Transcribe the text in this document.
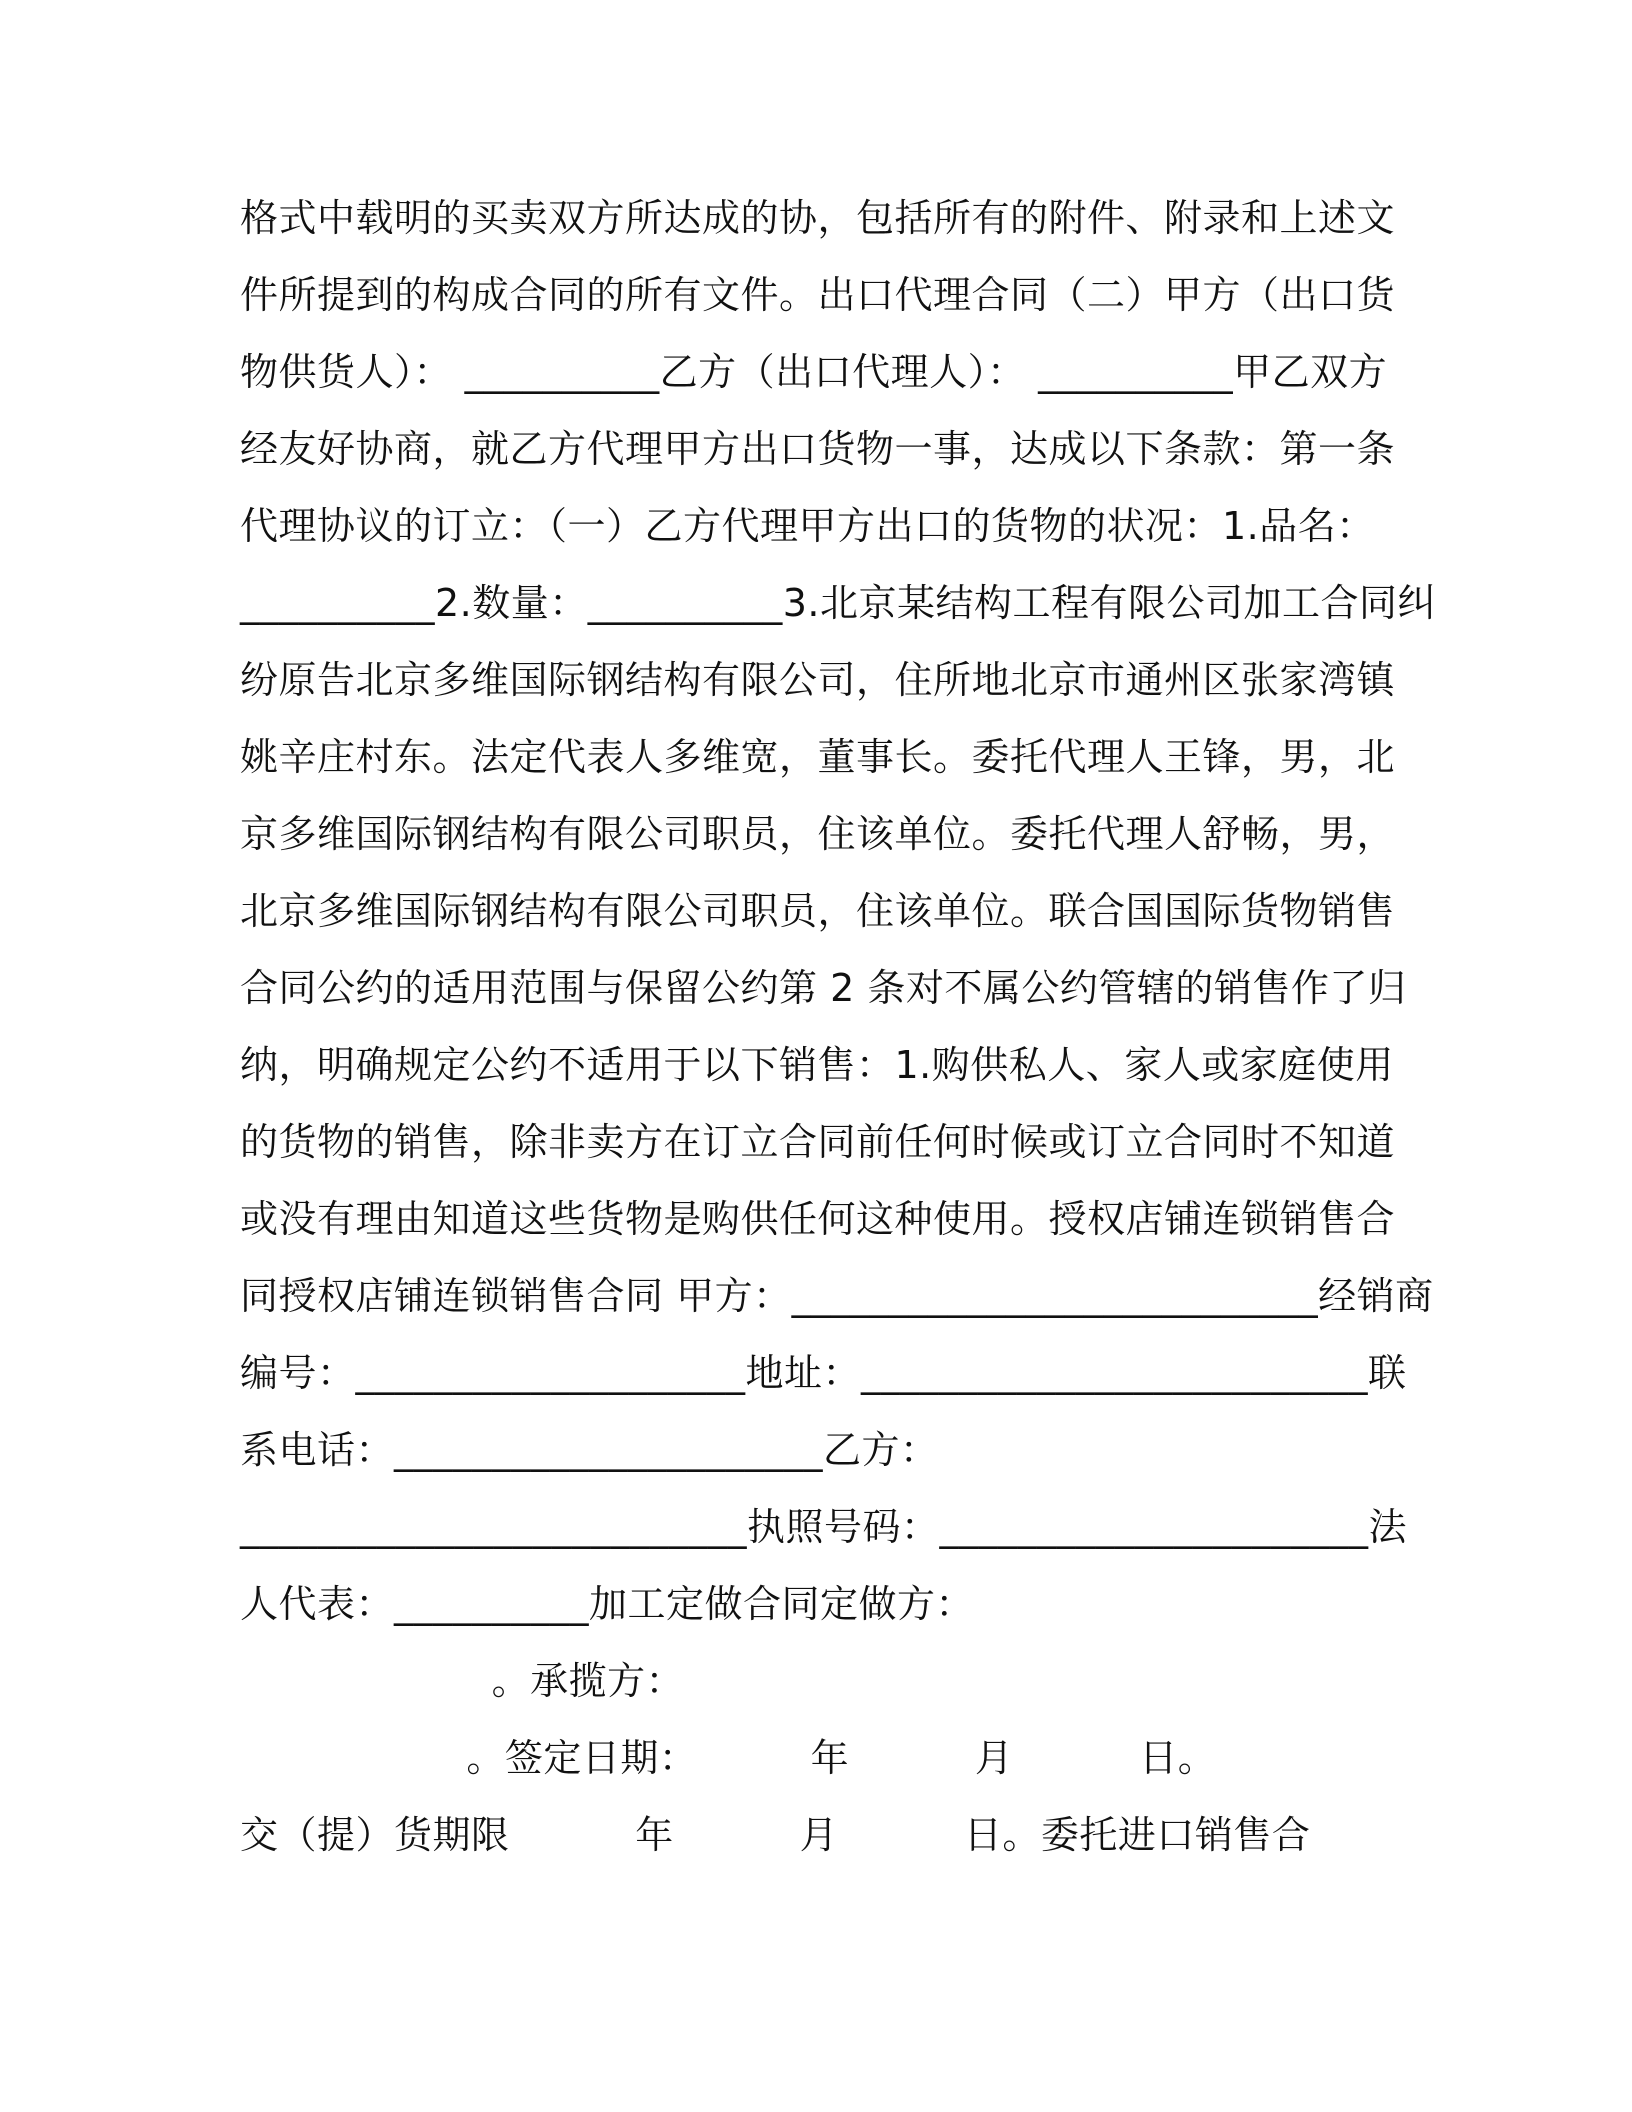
格式中载明的买卖双方所达成的协，包括所有的附件、附录和上述文
件所提到的构成合同的所有文件。出口代理合同（二）甲方（出口货
物供货人）： __________乙方（出口代理人）： __________甲乙双方
经友好协商，就乙方代理甲方出口货物一事，达成以下条款：第一条
代理协议的订立：（一）乙方代理甲方出口的货物的状况：1.品名：
__________2.数量：__________3.北京某结构工程有限公司加工合同纠
纷原告北京多维国际钢结构有限公司，住所地北京市通州区张家湾镇
姚辛庄村东。法定代表人多维宽，董事长。委托代理人王锋，男，北
京多维国际钢结构有限公司职员，住该单位。委托代理人舒畅，男，
北京多维国际钢结构有限公司职员，住该单位。联合国国际货物销售
合同公约的适用范围与保留公约第 2 条对不属公约管辖的销售作了归
纳，明确规定公约不适用于以下销售：1.购供私人、家人或家庭使用
的货物的销售，除非卖方在订立合同前任何时候或订立合同时不知道
或没有理由知道这些货物是购供任何这种使用。授权店铺连锁销售合
同授权店铺连锁销售合同 甲方：___________________________经销商
编号：____________________地址：__________________________联
系电话：______________________乙方：
__________________________执照号码：______________________法
人代表：__________加工定做合同定做方：
。承揽方：
。签定日期：         年          月          日。
交（提）货期限          年          月          日。委托进口销售合
